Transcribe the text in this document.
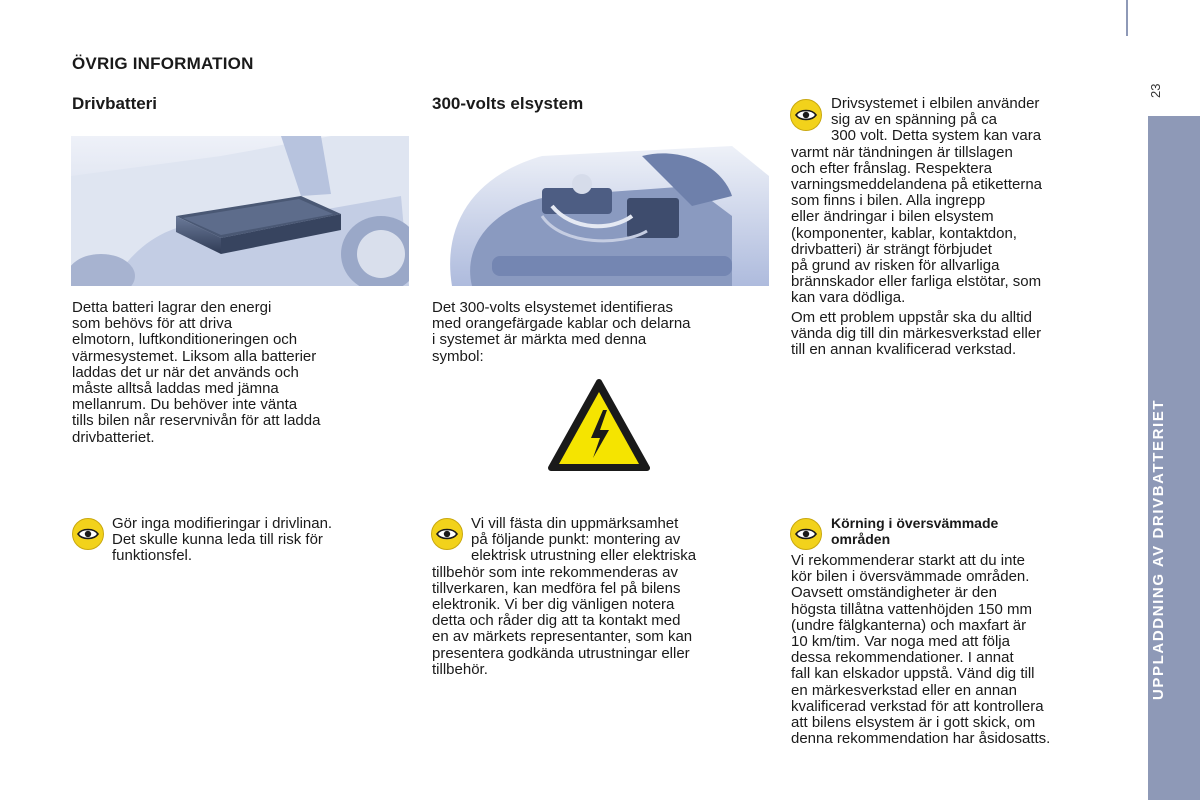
ÖVRIG INFORMATION
Drivbatteri	300-volts elsystem
Detta batteri lagrar den energi
som behövs för att driva
elmotorn, luftkonditioneringen och
värmesystemet. Liksom alla batterier
laddas det ur när det används och
måste alltså laddas med jämna
mellanrum. Du behöver inte vänta
tills bilen når reservnivån för att ladda
drivbatteriet.
Det 300-volts elsystemet identifieras
med orangefärgade kablar och delarna
i systemet är märkta med denna
symbol:
Drivsystemet i elbilen använder
sig av en spänning på ca
300 volt. Detta system kan vara
varmt när tändningen är tillslagen
och efter frånslag. Respektera
varningsmeddelandena på etiketterna
som finns i bilen. Alla ingrepp
eller ändringar i bilen elsystem
(komponenter, kablar, kontaktdon,
drivbatteri) är strängt förbjudet
på grund av risken för allvarliga
brännskador eller farliga elstötar, som
kan vara dödliga.
Om ett problem uppstår ska du alltid
vända dig till din märkesverkstad eller
till en annan kvalificerad verkstad.
Gör inga modifieringar i drivlinan.
Det skulle kunna leda till risk för
funktionsfel.
Vi vill fästa din uppmärksamhet
på följande punkt: montering av
elektrisk utrustning eller elektriska
tillbehör som inte rekommenderas av
tillverkaren, kan medföra fel på bilens
elektronik. Vi ber dig vänligen notera
detta och råder dig att ta kontakt med
en av märkets representanter, som kan
presentera godkända utrustningar eller
tillbehör.
Körning i översvämmade
områden
Vi rekommenderar starkt att du inte
kör bilen i översvämmade områden.
Oavsett omständigheter är den
högsta tillåtna vattenhöjden 150 mm
(undre fälgkanterna) och maxfart är
10 km/tim. Var noga med att följa
dessa rekommendationer. I annat
fall kan elskador uppstå. Vänd dig till
en märkesverkstad eller en annan
kvalificerad verkstad för att kontrollera
att bilens elsystem är i gott skick, om
denna rekommendation har åsidosatts.
UPPLADDNING AV DRIVBATTERIET
23
